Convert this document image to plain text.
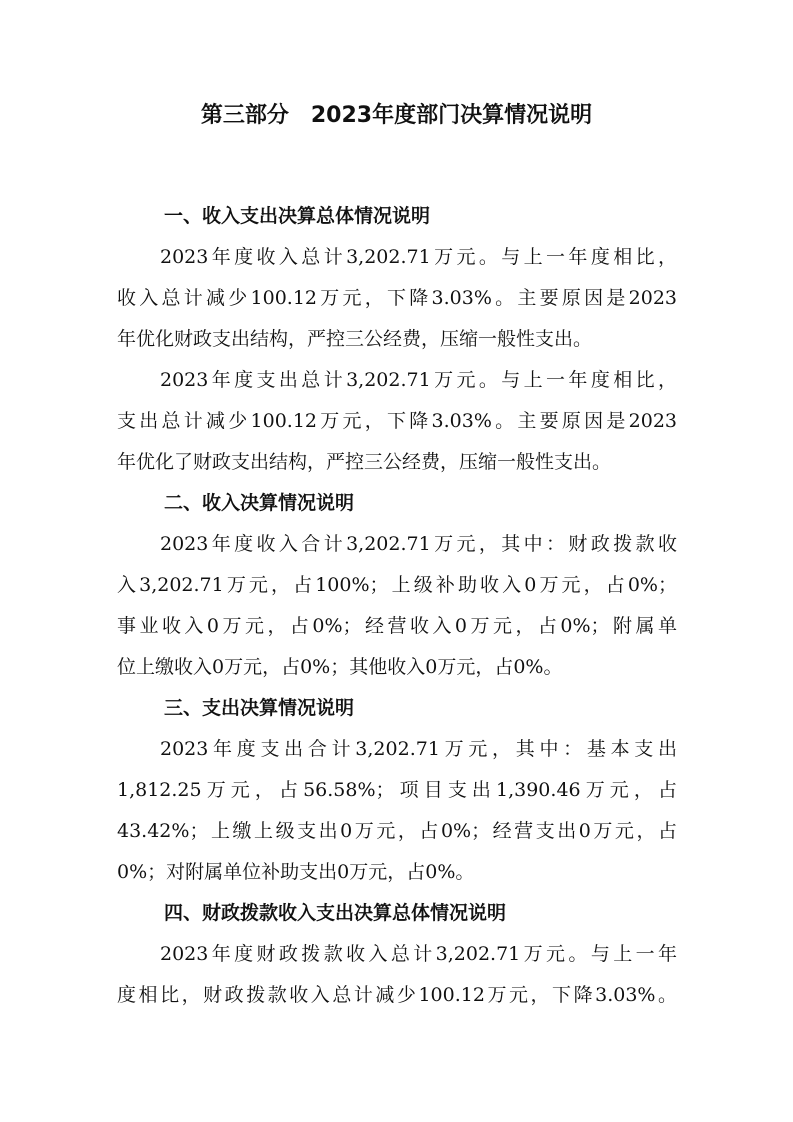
第三部分　2023年度部门决算情况说明
一、收入支出决算总体情况说明

2023年度收入总计3,202.71万元。与上一年度相比，
收入总计减少100.12万元，下降3.03%。主要原因是2023
年优化财政支出结构，严控三公经费，压缩一般性支出。

2023年度支出总计3,202.71万元。与上一年度相比，
支出总计减少100.12万元，下降3.03%。主要原因是2023
年优化了财政支出结构，严控三公经费，压缩一般性支出。

二、收入决算情况说明

2023年度收入合计3,202.71万元，其中：财政拨款收
入3,202.71万元，占100%；上级补助收入0万元，占0%；
事业收入0万元，占0%；经营收入0万元，占0%；附属单
位上缴收入0万元，占0%；其他收入0万元，占0%。

三、支出决算情况说明

2023年度支出合计3,202.71万元，其中：基本支出
1,812.25万元，占56.58%；项目支出1,390.46万元，占
43.42%；上缴上级支出0万元，占0%；经营支出0万元，占
0%；对附属单位补助支出0万元，占0%。

四、财政拨款收入支出决算总体情况说明

2023年度财政拨款收入总计3,202.71万元。与上一年
度相比，财政拨款收入总计减少100.12万元，下降3.03%。
